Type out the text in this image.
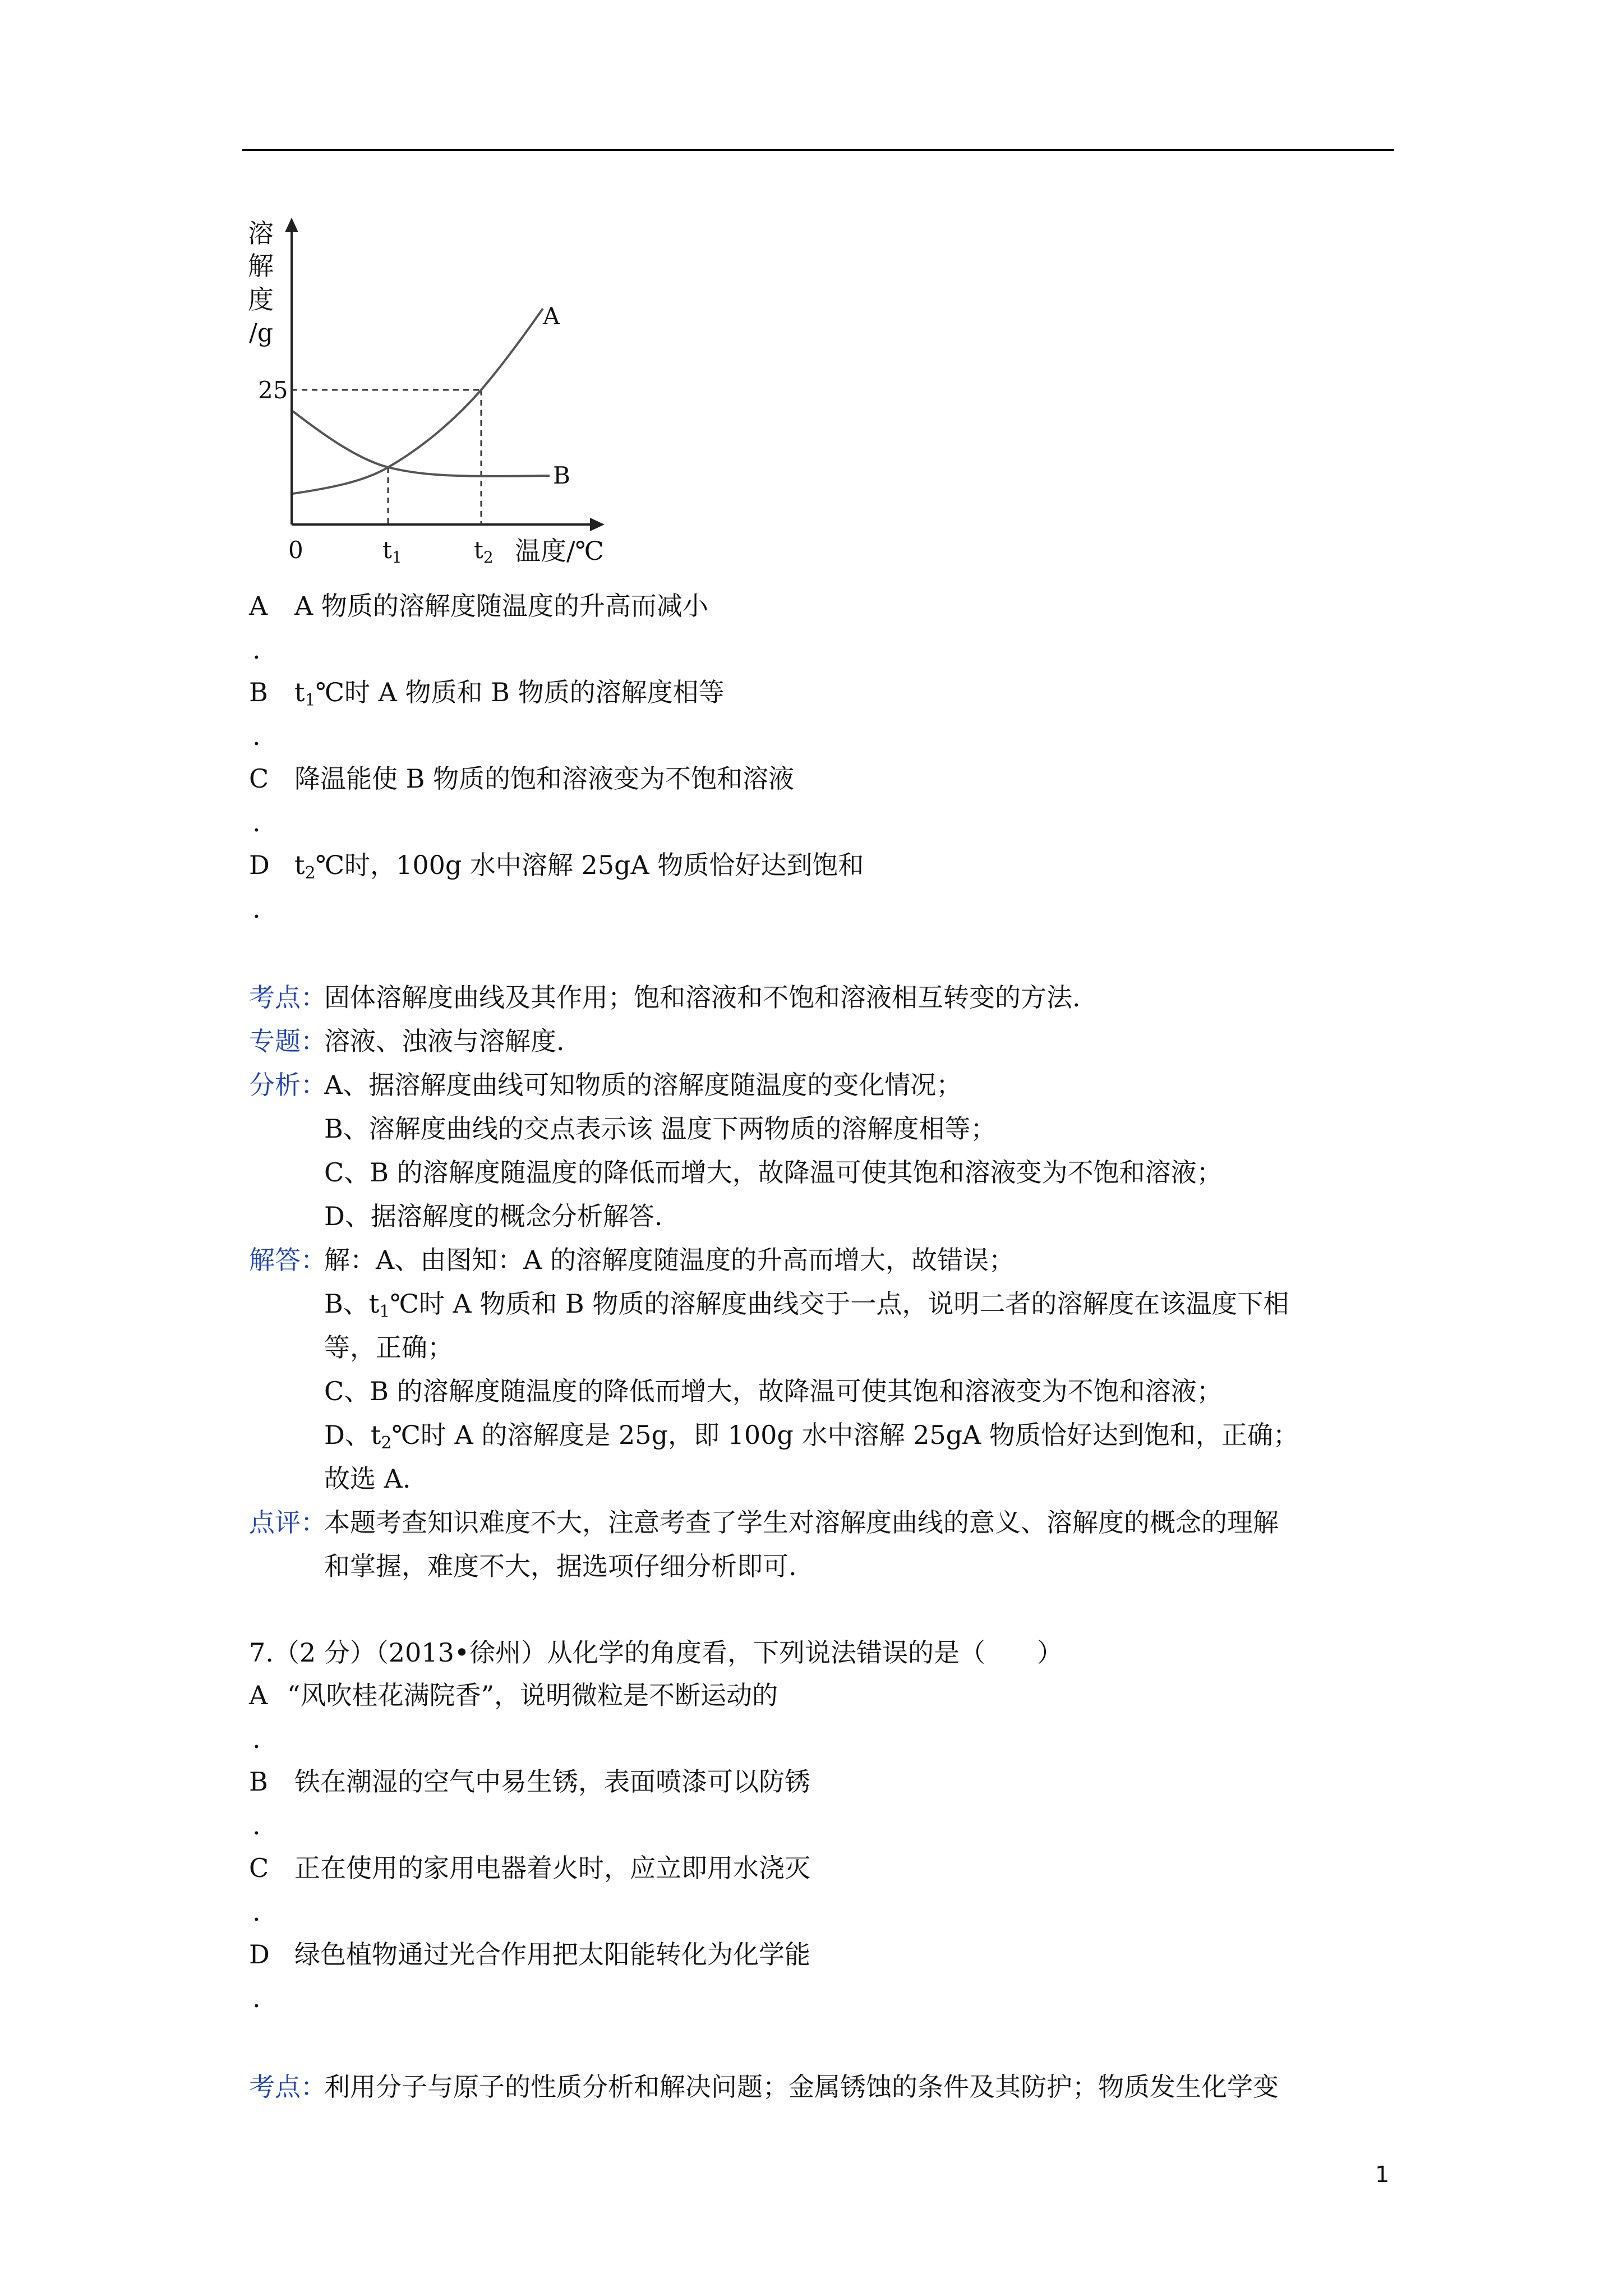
溶
解
度
/g
25
0	t1	t2 温度/℃
A
B
A A 物质的溶解度随温度的升高而减小
.
B $t_1℃$时 A 物质和 B 物质的溶解度相等
.
C 降温能使 B 物质的饱和溶液变为不饱和溶液
.
D $t_2℃$时，100g 水中溶解 25gA 物质恰好达到饱和
.
考点：
固体溶解度曲线及其作用；饱和溶液和不饱和溶液相互转变的方法.
专题：
溶液、浊液与溶解度.
分析：
A、据溶解度曲线可知物质的溶解度随温度的变化情况；
B、溶解度曲线的交点表示该 温度下两物质的溶解度相等；
C、B 的溶解度随温度的降低而增大，故降温可使其饱和溶液变为不饱和溶液；
D、据溶解度的概念分析解答.
解答：
解：A、由图知：A 的溶解度随温度的升高而增大，故错误；
B、$t_1℃$时 A 物质和 B 物质的溶解度曲线交于一点，说明二者的溶解度在该温度下相
等，正确；
C、B 的溶解度随温度的降低而增大，故降温可使其饱和溶液变为不饱和溶液；
D、$t_2℃$时 A 的溶解度是 25g，即 100g 水中溶解 25gA 物质恰好达到饱和，正确；
故选 A.
点评：
本题考查知识难度不大，注意考查了学生对溶解度曲线的意义、溶解度的概念的理解
和掌握，难度不大，据选项仔细分析即可.
7.（2 分）（2013•徐州）从化学的角度看，下列说法错误的是（　　）
A “风吹桂花满院香”，说明微粒是不断运动的
.
B 铁在潮湿的空气中易生锈，表面喷漆可以防锈
.
C 正在使用的家用电器着火时，应立即用水浇灭
.
D 绿色植物通过光合作用把太阳能转化为化学能
.
考点：
利用分子与原子的性质分析和解决问题；金属锈蚀的条件及其防护；物质发生化学变
1
